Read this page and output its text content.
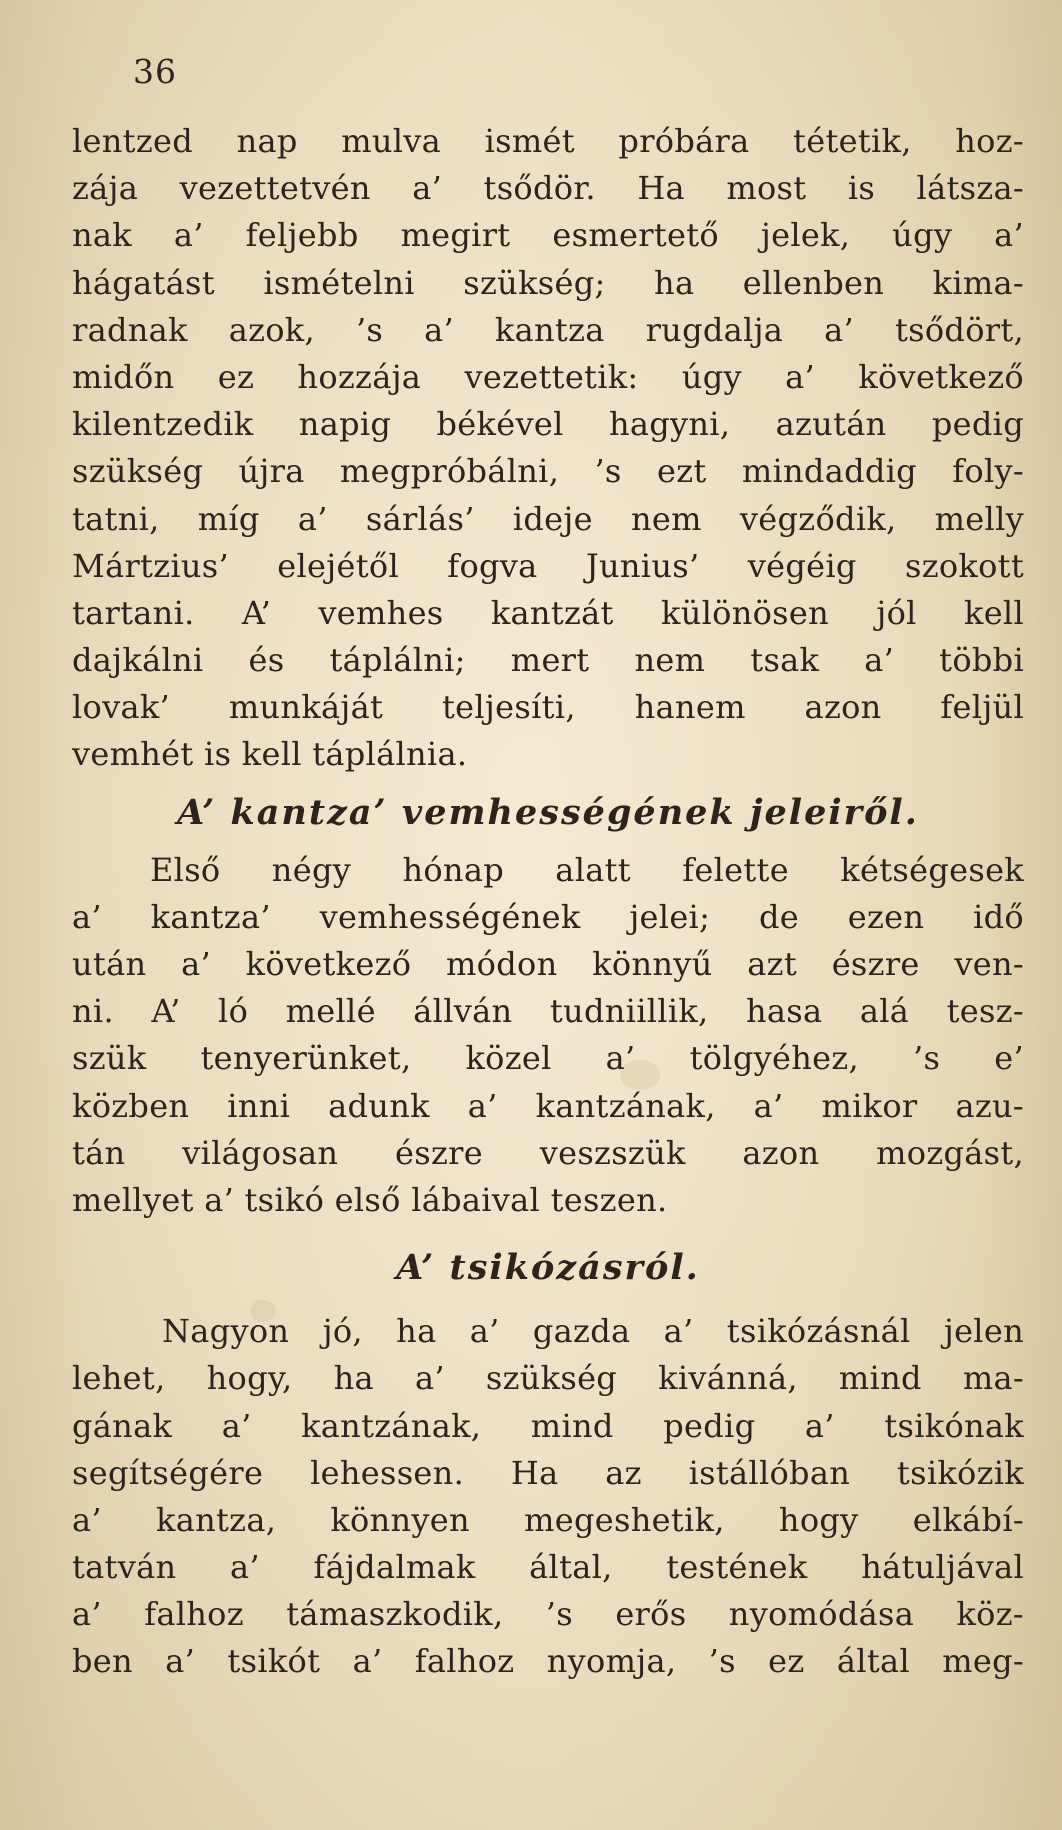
36
lentzed nap mulva ismét próbára tétetik, hoz-
zája vezettetvén a’ tsődör. Ha most is látsza-
nak a’ feljebb megirt esmertető jelek, úgy a’
hágatást ismételni szükség; ha ellenben kima-
radnak azok, ’s a’ kantza rugdalja a’ tsődört,
midőn ez hozzája vezettetik: úgy a’ következő
kilentzedik napig békével hagyni, azután pedig
szükség újra megpróbálni, ’s ezt mindaddig foly-
tatni, míg a’ sárlás’ ideje nem végződik, melly
Mártzius’ elejétől fogva Junius’ végéig szokott
tartani. A’ vemhes kantzát különösen jól kell
dajkálni és táplálni; mert nem tsak a’ többi
lovak’ munkáját teljesíti, hanem azon feljül
vemhét is kell táplálnia.
A’ kantza’ vemhességének jeleiről.
Első négy hónap alatt felette kétségesek
a’ kantza’ vemhességének jelei; de ezen idő
után a’ következő módon könnyű azt észre ven-
ni. A’ ló mellé állván tudniillik, hasa alá tesz-
szük tenyerünket, közel a’ tölgyéhez, ’s e’
közben inni adunk a’ kantzának, a’ mikor azu-
tán világosan észre veszszük azon mozgást,
mellyet a’ tsikó első lábaival teszen.
A’ tsikózásról.
Nagyon jó, ha a’ gazda a’ tsikózásnál jelen
lehet, hogy, ha a’ szükség kivánná, mind ma-
gának a’ kantzának, mind pedig a’ tsikónak
segítségére lehessen. Ha az istállóban tsikózik
a’ kantza, könnyen megeshetik, hogy elkábí-
tatván a’ fájdalmak által, testének hátuljával
a’ falhoz támaszkodik, ’s erős nyomódása köz-
ben a’ tsikót a’ falhoz nyomja, ’s ez által meg-
